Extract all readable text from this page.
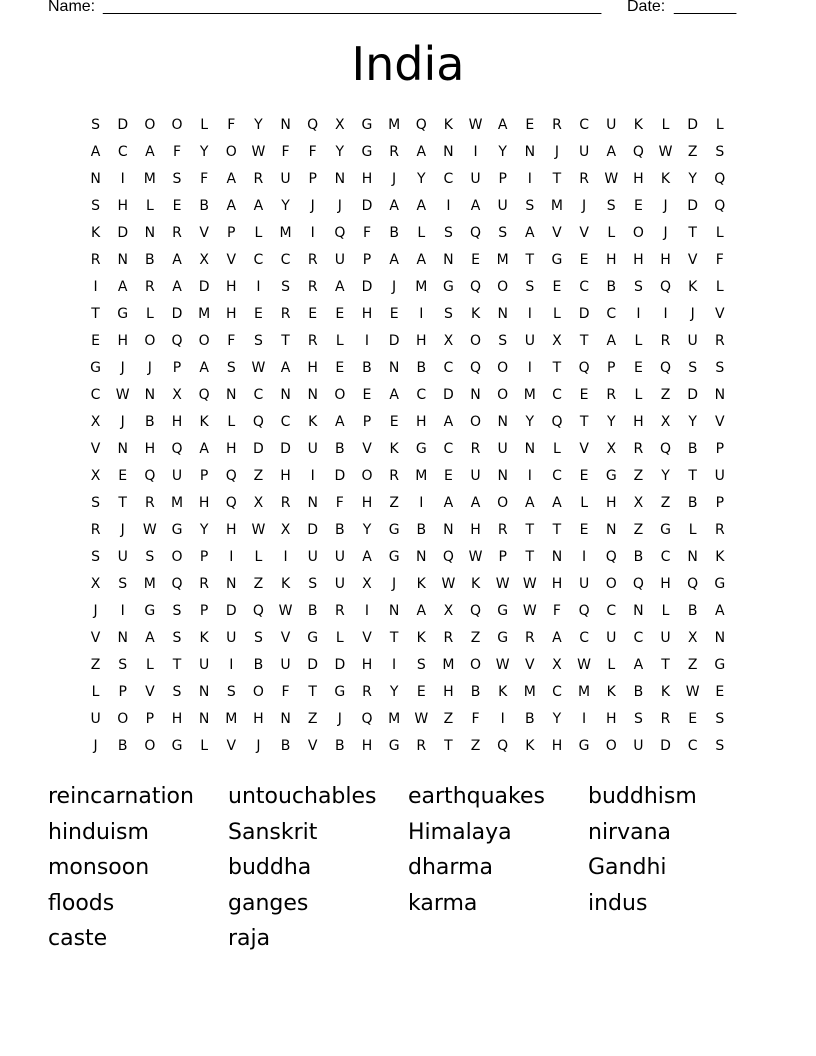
Name: ________________________________________________________ Date: _______
India
S	D	O	O	L	F	Y	N	Q	X	G	M	Q	K	W	A	E	R	C	U	K	L	D	L
A	C	A	F	Y	O	W	F	F	Y	G	R	A	N	I	Y	N	J	U	A	Q	W	Z	S
N	I	M	S	F	A	R	U	P	N	H	J	Y	C	U	P	I	T	R	W	H	K	Y	Q
S	H	L	E	B	A	A	Y	J	J	D	A	A	I	A	U	S	M	J	S	E	J	D	Q
K	D	N	R	V	P	L	M	I	Q	F	B	L	S	Q	S	A	V	V	L	O	J	T	L
R	N	B	A	X	V	C	C	R	U	P	A	A	N	E	M	T	G	E	H	H	H	V	F
I	A	R	A	D	H	I	S	R	A	D	J	M	G	Q	O	S	E	C	B	S	Q	K	L
T	G	L	D	M	H	E	R	E	E	H	E	I	S	K	N	I	L	D	C	I	I	J	V
E	H	O	Q	O	F	S	T	R	L	I	D	H	X	O	S	U	X	T	A	L	R	U	R
G	J	J	P	A	S	W	A	H	E	B	N	B	C	Q	O	I	T	Q	P	E	Q	S	S
C	W	N	X	Q	N	C	N	N	O	E	A	C	D	N	O	M	C	E	R	L	Z	D	N
X	J	B	H	K	L	Q	C	K	A	P	E	H	A	O	N	Y	Q	T	Y	H	X	Y	V
V	N	H	Q	A	H	D	D	U	B	V	K	G	C	R	U	N	L	V	X	R	Q	B	P
X	E	Q	U	P	Q	Z	H	I	D	O	R	M	E	U	N	I	C	E	G	Z	Y	T	U
S	T	R	M	H	Q	X	R	N	F	H	Z	I	A	A	O	A	A	L	H	X	Z	B	P
R	J	W	G	Y	H	W	X	D	B	Y	G	B	N	H	R	T	T	E	N	Z	G	L	R
S	U	S	O	P	I	L	I	U	U	A	G	N	Q	W	P	T	N	I	Q	B	C	N	K
X	S	M	Q	R	N	Z	K	S	U	X	J	K	W	K	W W	H	U	O	Q	H	Q	G
J	I	G	S	P	D	Q	W	B	R	I	N	A	X	Q	G	W	F	Q	C	N	L	B	A
V	N	A	S	K	U	S	V	G	L	V	T	K	R	Z	G	R	A	C	U	C	U	X	N
Z	S	L	T	U	I	B	U	D	D	H	I	S	M	O	W	V	X	W	L	A	T	Z	G
L	P	V	S	N	S	O	F	T	G	R	Y	E	H	B	K	M	C	M	K	B	K	W	E
U	O	P	H	N	M	H	N	Z	J	Q	M	W	Z	F	I	B	Y	I	H	S	R	E	S
J	B	O	G	L	V	J	B	V	B	H	G	R	T	Z	Q	K	H	G	O	U	D	C	S
reincarnation	untouchables	earthquakes	buddhism
hinduism	Sanskrit	Himalaya	nirvana
monsoon	buddha	dharma	Gandhi
floods	ganges	karma	indus
caste	raja
